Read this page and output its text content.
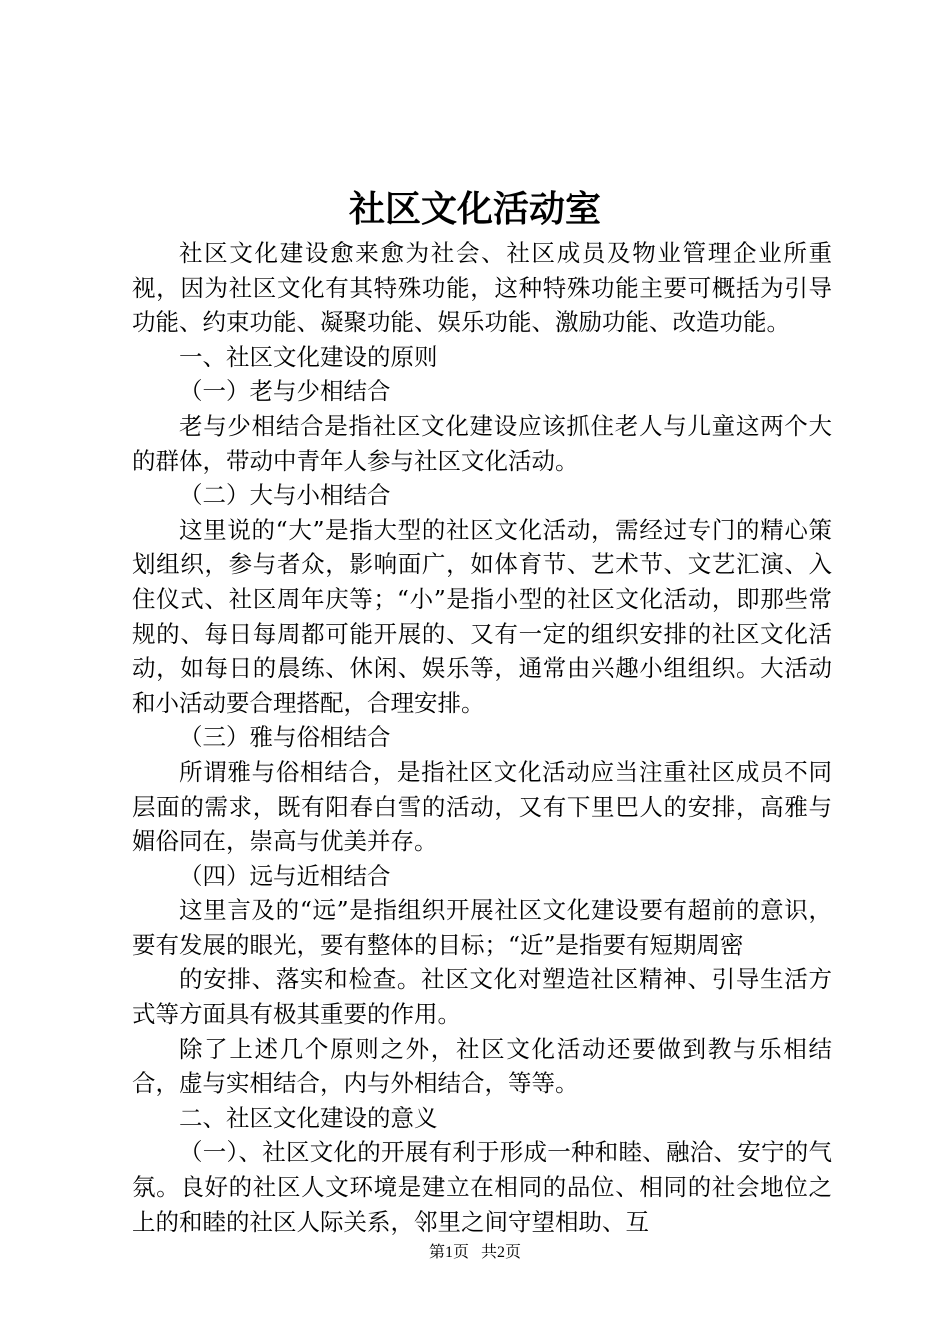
社区文化活动室

社区文化建设愈来愈为社会、社区成员及物业管理企业所重视，因为社区文化有其特殊功能，这种特殊功能主要可概括为引导功能、约束功能、凝聚功能、娱乐功能、激励功能、改造功能。

一、社区文化建设的原则

（一）老与少相结合

老与少相结合是指社区文化建设应该抓住老人与儿童这两个大的群体，带动中青年人参与社区文化活动。

（二）大与小相结合

这里说的“大”是指大型的社区文化活动，需经过专门的精心策划组织，参与者众，影响面广，如体育节、艺术节、文艺汇演、入住仪式、社区周年庆等；“小”是指小型的社区文化活动，即那些常规的、每日每周都可能开展的、又有一定的组织安排的社区文化活动，如每日的晨练、休闲、娱乐等，通常由兴趣小组组织。大活动和小活动要合理搭配，合理安排。

（三）雅与俗相结合

所谓雅与俗相结合，是指社区文化活动应当注重社区成员不同层面的需求，既有阳春白雪的活动，又有下里巴人的安排，高雅与媚俗同在，崇高与优美并存。

（四）远与近相结合

这里言及的“远”是指组织开展社区文化建设要有超前的意识，要有发展的眼光，要有整体的目标；“近”是指要有短期周密

的安排、落实和检查。社区文化对塑造社区精神、引导生活方式等方面具有极其重要的作用。

除了上述几个原则之外，社区文化活动还要做到教与乐相结合，虚与实相结合，内与外相结合，等等。

二、社区文化建设的意义

（一）、社区文化的开展有利于形成一种和睦、融洽、安宁的气氛。良好的社区人文环境是建立在相同的品位、相同的社会地位之上的和睦的社区人际关系，邻里之间守望相助、互

第1页 共2页
